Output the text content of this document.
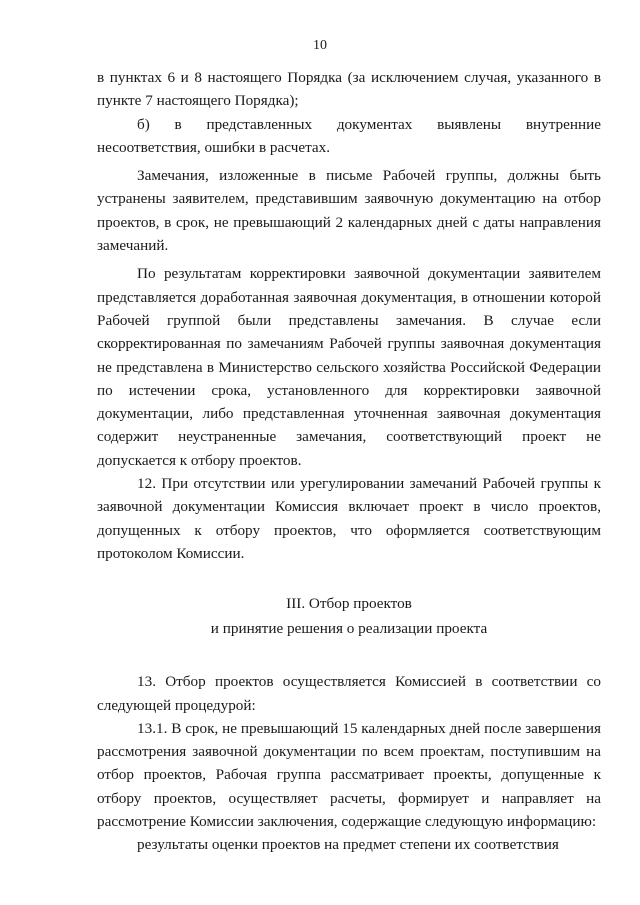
10

в пунктах 6 и 8 настоящего Порядка (за исключением случая, указанного в пункте 7 настоящего Порядка);

б) в представленных документах выявлены внутренние несоответствия, ошибки в расчетах.

Замечания, изложенные в письме Рабочей группы, должны быть устранены заявителем, представившим заявочную документацию на отбор проектов, в срок, не превышающий 2 календарных дней с даты направления замечаний.

По результатам корректировки заявочной документации заявителем представляется доработанная заявочная документация, в отношении которой Рабочей группой были представлены замечания. В случае если скорректированная по замечаниям Рабочей группы заявочная документация не представлена в Министерство сельского хозяйства Российской Федерации по истечении срока, установленного для корректировки заявочной документации, либо представленная уточненная заявочная документация содержит неустраненные замечания, соответствующий проект не допускается к отбору проектов.

12. При отсутствии или урегулировании замечаний Рабочей группы к заявочной документации Комиссия включает проект в число проектов, допущенных к отбору проектов, что оформляется соответствующим протоколом Комиссии.

III. Отбор проектов
и принятие решения о реализации проекта

13. Отбор проектов осуществляется Комиссией в соответствии со следующей процедурой:

13.1. В срок, не превышающий 15 календарных дней после завершения рассмотрения заявочной документации по всем проектам, поступившим на отбор проектов, Рабочая группа рассматривает проекты, допущенные к отбору проектов, осуществляет расчеты, формирует и направляет на рассмотрение Комиссии заключения, содержащие следующую информацию:

результаты оценки проектов на предмет степени их соответствия
